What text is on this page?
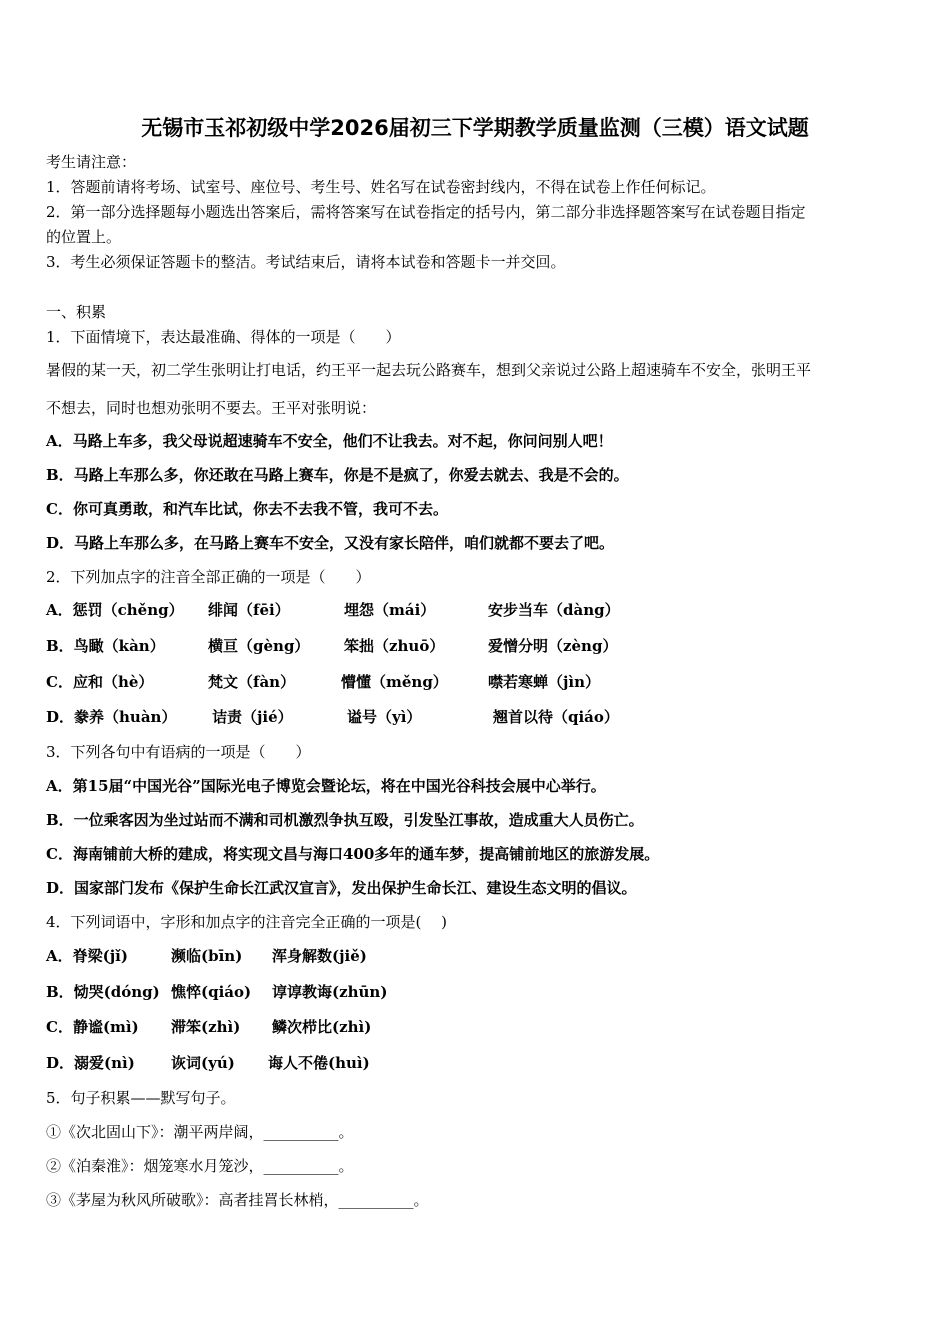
无锡市玉祁初级中学2026届初三下学期教学质量监测（三模）语文试题
考生请注意：
1．答题前请将考场、试室号、座位号、考生号、姓名写在试卷密封线内，不得在试卷上作任何标记。
2．第一部分选择题每小题选出答案后，需将答案写在试卷指定的括号内，第二部分非选择题答案写在试卷题目指定
的位置上。
3．考生必须保证答题卡的整洁。考试结束后，请将本试卷和答题卡一并交回。
一、积累
1．下面情境下，表达最准确、得体的一项是（　　）
暑假的某一天，初二学生张明让打电话，约王平一起去玩公路赛车，想到父亲说过公路上超速骑车不安全，张明王平
不想去，同时也想劝张明不要去。王平对张明说：
A．马路上车多，我父母说超速骑车不安全，他们不让我去。对不起，你问问别人吧！
B．马路上车那么多，你还敢在马路上赛车，你是不是疯了，你爱去就去、我是不会的。
C．你可真勇敢，和汽车比试，你去不去我不管，我可不去。
D．马路上车那么多，在马路上赛车不安全，又没有家长陪伴，咱们就都不要去了吧。
2．下列加点字的注音全部正确的一项是（　　）
A．惩罚（chěng） 绯闻（fēi）	埋怨（mái）	安步当车（dàng）
B．鸟瞰（kàn）	横亘（gèng） 笨拙（zhuō）	爱憎分明（zèng）
C．应和（hè）	梵文（fàn）	懵懂（měng）	噤若寒蝉（jìn）
D．豢养（huàn） 诘责（jié）	谥号（yì）	翘首以待（qiáo）
3．下列各句中有语病的一项是（　　）
A．第15届“中国光谷”国际光电子博览会暨论坛，将在中国光谷科技会展中心举行。
B．一位乘客因为坐过站而不满和司机激烈争执互殴，引发坠江事故，造成重大人员伤亡。
C．海南铺前大桥的建成，将实现文昌与海口400多年的通车梦，提高铺前地区的旅游发展。
D．国家部门发布《保护生命长江武汉宣言》，发出保护生命长江、建设生态文明的倡议。
4．下列词语中，字形和加点字的注音完全正确的一项是(　 )
A．脊梁(jǐ)	濒临(bīn) 浑身解数(jiě)
B．恸哭(dóng) 憔悴(qiáo) 谆谆教诲(zhūn)
C．静谧(mì) 滞笨(zhì) 鳞次栉比(zhì)
D．溺爱(nì) 诙词(yú) 诲人不倦(huì)
5．句子积累——默写句子。
①《次北固山下》：潮平两岸阔，__________。
②《泊秦淮》：烟笼寒水月笼沙，__________。
③《茅屋为秋风所破歌》：高者挂罥长林梢，__________。
